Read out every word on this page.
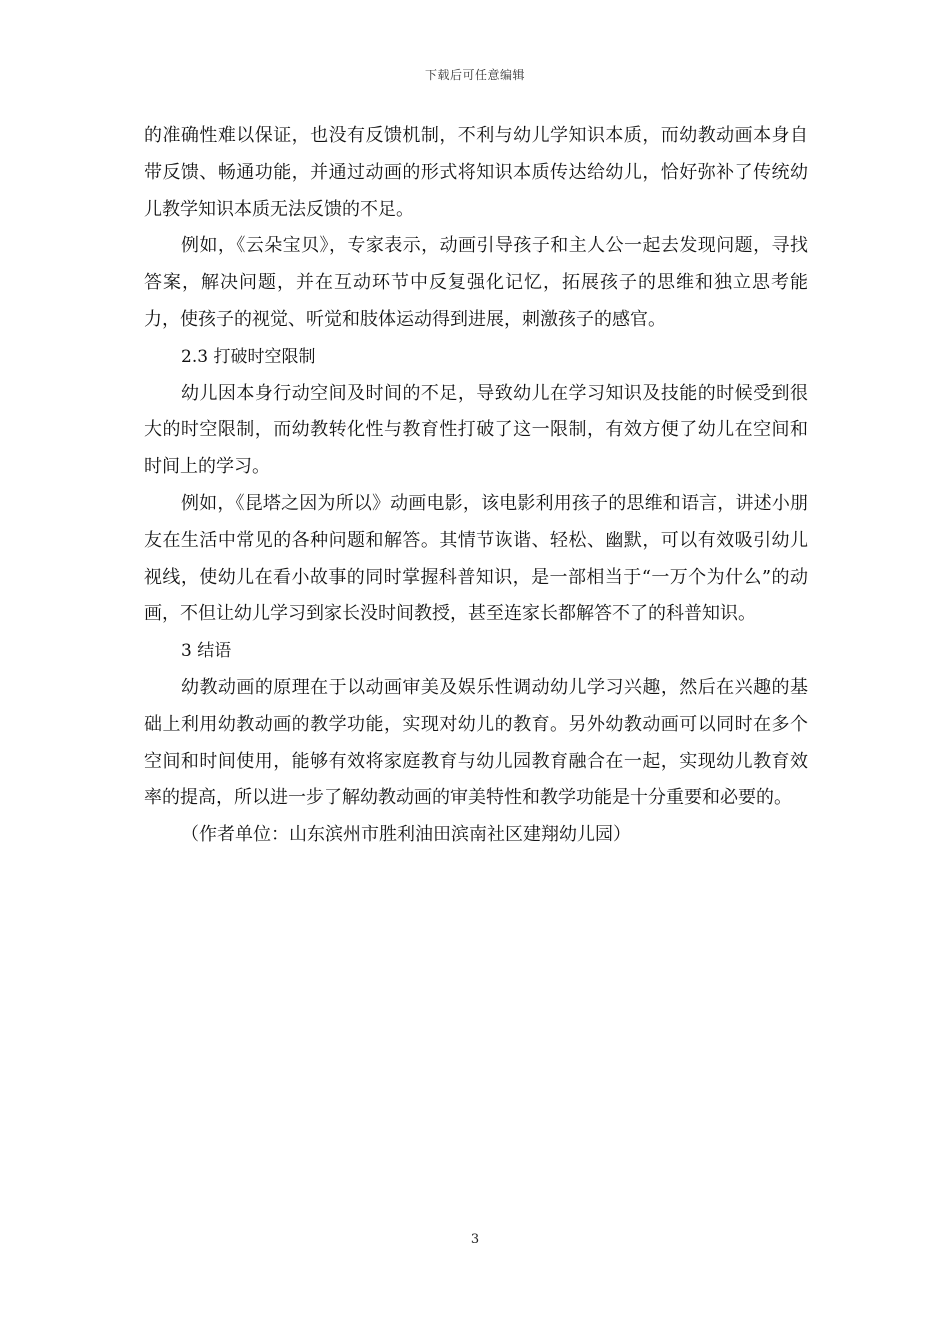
下载后可任意编辑

的准确性难以保证，也没有反馈机制，不利与幼儿学知识本质，而幼教动画本身自带反馈、畅通功能，并通过动画的形式将知识本质传达给幼儿，恰好弥补了传统幼儿教学知识本质无法反馈的不足。

例如，《云朵宝贝》，专家表示，动画引导孩子和主人公一起去发现问题，寻找答案，解决问题，并在互动环节中反复强化记忆，拓展孩子的思维和独立思考能力，使孩子的视觉、听觉和肢体运动得到进展，刺激孩子的感官。

2.3 打破时空限制

幼儿因本身行动空间及时间的不足，导致幼儿在学习知识及技能的时候受到很大的时空限制，而幼教转化性与教育性打破了这一限制，有效方便了幼儿在空间和时间上的学习。

例如，《昆塔之因为所以》动画电影，该电影利用孩子的思维和语言，讲述小朋友在生活中常见的各种问题和解答。其情节诙谐、轻松、幽默，可以有效吸引幼儿视线，使幼儿在看小故事的同时掌握科普知识，是一部相当于“一万个为什么”的动画，不但让幼儿学习到家长没时间教授，甚至连家长都解答不了的科普知识。

3 结语

幼教动画的原理在于以动画审美及娱乐性调动幼儿学习兴趣，然后在兴趣的基础上利用幼教动画的教学功能，实现对幼儿的教育。另外幼教动画可以同时在多个空间和时间使用，能够有效将家庭教育与幼儿园教育融合在一起，实现幼儿教育效率的提高，所以进一步了解幼教动画的审美特性和教学功能是十分重要和必要的。

（作者单位：山东滨州市胜利油田滨南社区建翔幼儿园）

3
